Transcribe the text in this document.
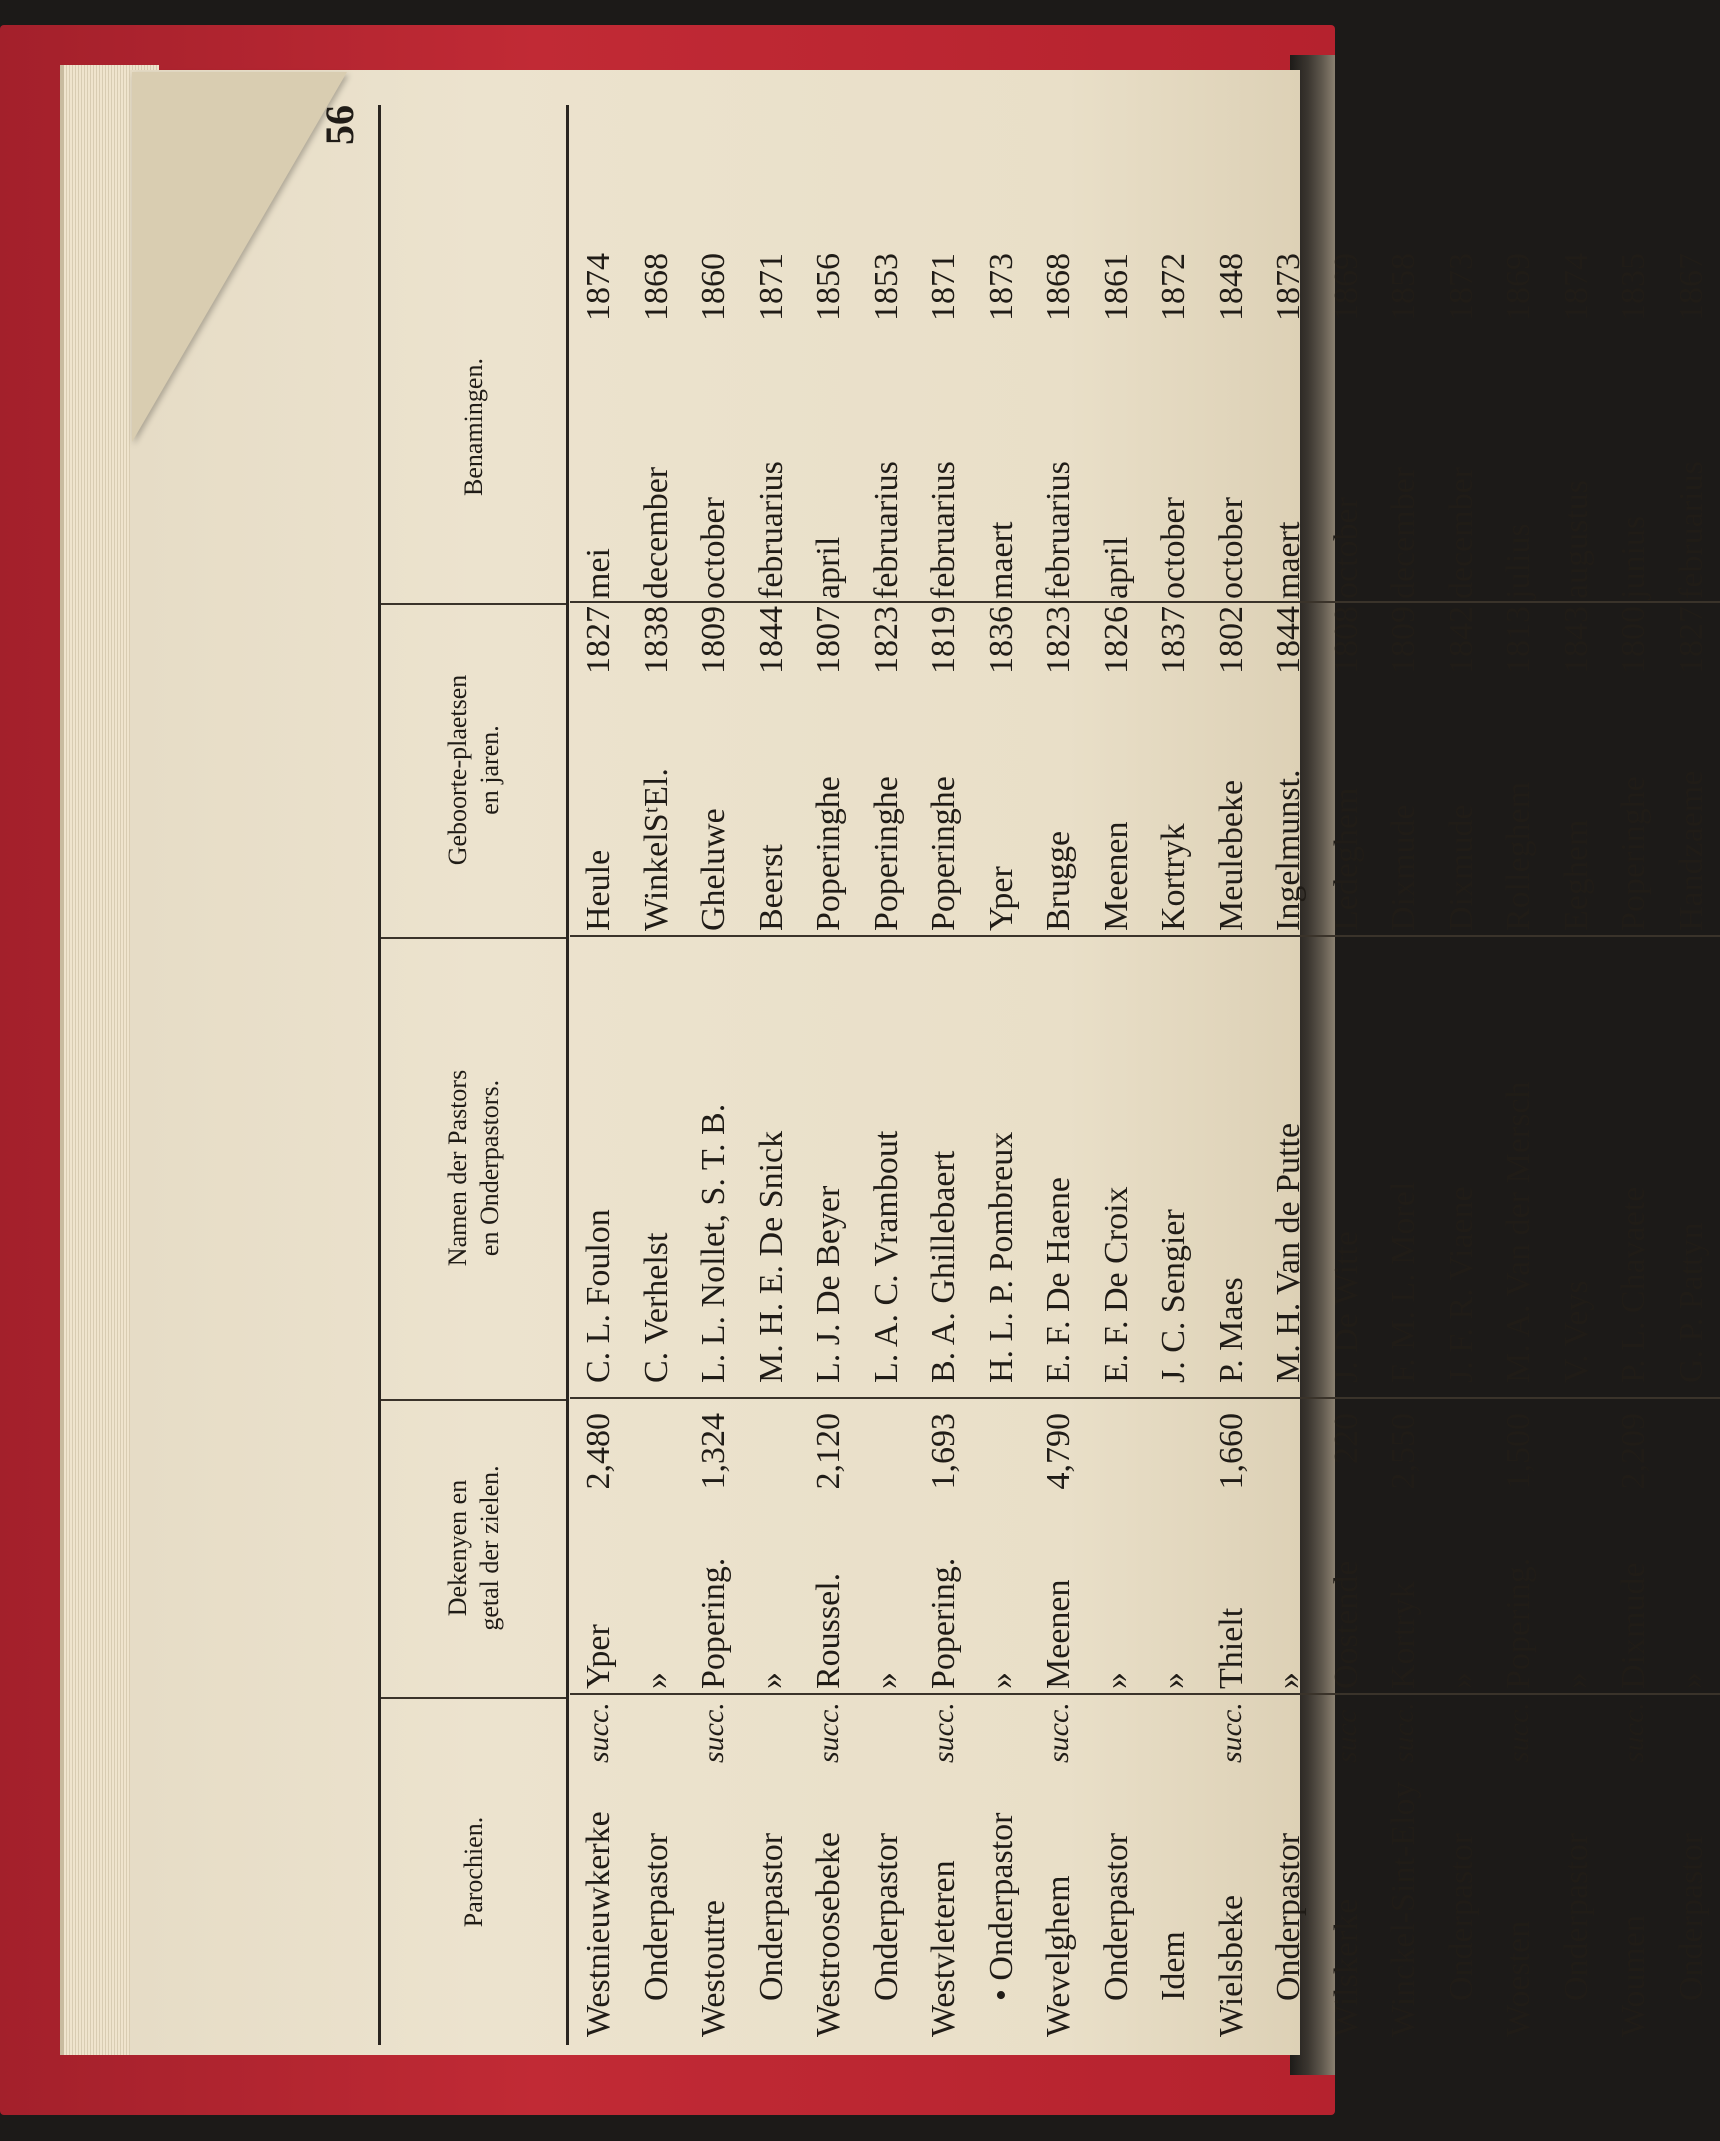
56
Parochien.
Dekenyen en getal der zielen.
Namen der Pastors en Onderpastors.
Geboorte-plaetsen en jaren.
Benamingen.
Westnieuwkerke
succ.
Yper
2,480
C. L. Foulon
Heule
1827
mei
1874
Onderpastor
»
C. Verhelst
WinkelSᵗEl.
1838
december
1868
Westoutre
succ.
Popering.
1,324
L. L. Nollet, S. T. B.
Gheluwe
1809
october
1860
Onderpastor
»
M. H. E. De Snick
Beerst
1844
februarius
1871
Westroosebeke
succ.
Roussel.
2,120
L. J. De Beyer
Poperinghe
1807
april
1856
Onderpastor
»
L. A. C. Vrambout
Poperinghe
1823
februarius
1853
Westvleteren
succ.
Popering.
1,693
B. A. Ghillebaert
Poperinghe
1819
februarius
1871
• Onderpastor
»
H. L. P. Pombreux
Yper
1836
maert
1873
Wevelghem
succ.
Meenen
4,790
E. F. De Haene
Brugge
1823
februarius
1868
Onderpastor
»
E. F. De Croix
Meenen
1826
april
1861
Idem
»
J. C. Sengier
Kortryk
1837
october
1872
Wielsbeke
succ.
Thielt
1,660
P. Maes
Meulebeke
1802
october
1848
Onderpastor
»
M. H. Van de Putte
Ingelmunst.
1844
maert
1873
Wilskerke
succ
Oostende
220
J. De Witte
Ledeghem
1808
october
1869
Winckel-Sint-Eloy
succ.
Kortryk
2,550
F. M. L. Morel
Dixmude
1809
december
1858
Onderpastor
»
J. F. R. Viaene
Dixmude
1842
december
1873
Woesten
succ.
Popering.
1,500
M. A. Van der Mersch
Rolleghem
1813
julius
1869
Onderpastor
»
V. Veys
Eeghem
1843
augustus
1874
Woumen
succ.
Dixmude
2,209
P. L. Chavaete
Poperinghe
1800
junius
1835
Onderpastor
»
G. P. Pattyn
Handzaeme
1827
februarius
1867
